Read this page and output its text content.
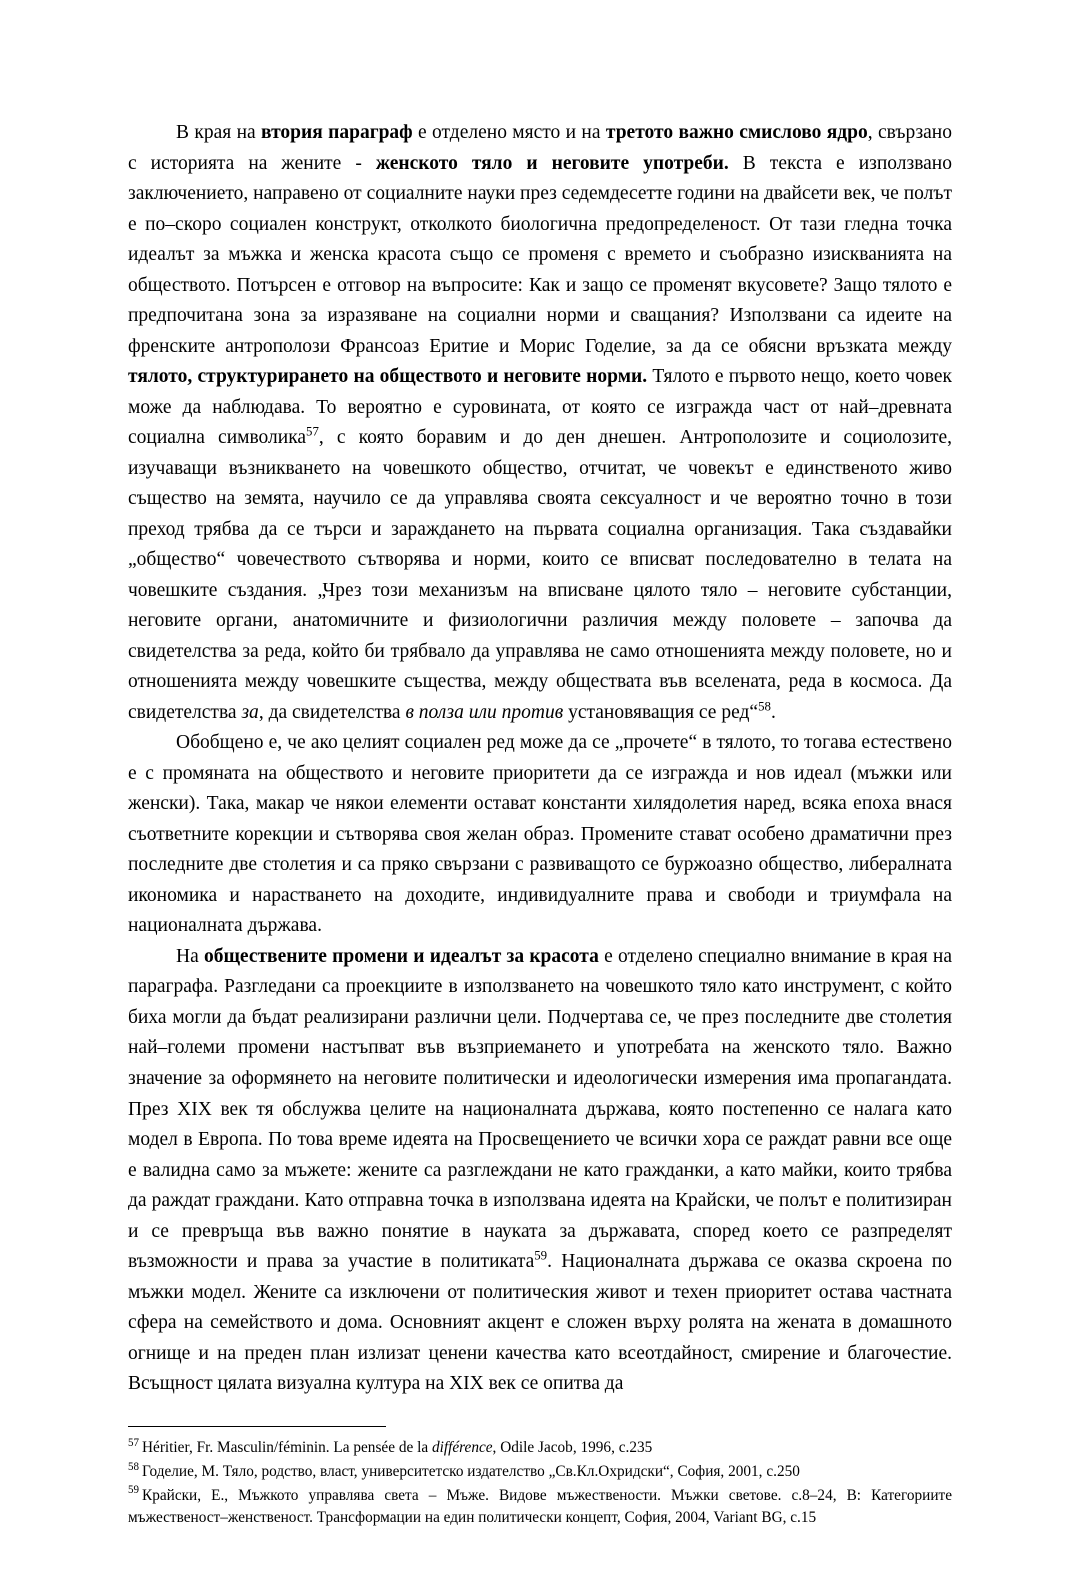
В края на втория параграф е отделено място и на третото важно смислово ядро, свързано с историята на жените - женското тяло и неговите употреби. В текста е използвано заключението, направено от социалните науки през седемдесетте години на двайсети век, че полът е по–скоро социален конструкт, отколкото биологична предопределеност. От тази гледна точка идеалът за мъжка и женска красота също се променя с времето и съобразно изискванията на обществото. Потърсен е отговор на въпросите: Как и защо се променят вкусовете? Защо тялото е предпочитана зона за изразяване на социални норми и сващания? Използвани са идеите на френските антрополози Франсоаз Еритие и Морис Годелие, за да се обясни връзката между тялото, структурирането на обществото и неговите норми. Тялото е първото нещо, което човек може да наблюдава. То вероятно е суровината, от която се изгражда част от най–древната социална символика$^{57}$, с която боравим и до ден днешен. Антрополозите и социолозите, изучаващи възникването на човешкото общество, отчитат, че човекът е единственото живо същество на земята, научило се да управлява своята сексуалност и че вероятно точно в този преход трябва да се търси и зараждането на първата социална организация. Така създавайки „общество“ човечеството сътворява и норми, които се вписват последователно в телата на човешките създания. „Чрез този механизъм на вписване цялото тяло – неговите субстанции, неговите органи, анатомичните и физиологични различия между половете – започва да свидетелства за реда, който би трябвало да управлява не само отношенията между половете, но и отношенията между човешките същества, между обществата във вселената, реда в космоса. Да свидетелства за, да свидетелства в полза или против установяващия се ред“$^{58}$.

Обобщено е, че ако целият социален ред може да се „прочете“ в тялото, то тогава естествено е с промяната на обществото и неговите приоритети да се изгражда и нов идеал (мъжки или женски). Така, макар че някои елементи остават константи хилядолетия наред, всяка епоха внася съответните корекции и сътворява своя желан образ. Промените стават особено драматични през последните две столетия и са пряко свързани с развиващото се буржоазно общество, либералната икономика и нарастването на доходите, индивидуалните права и свободи и триумфала на националната държава.

На обществените промени и идеалът за красота е отделено специално внимание в края на параграфа. Разгледани са проекциите в използването на човешкото тяло като инструмент, с който биха могли да бъдат реализирани различни цели. Подчертава се, че през последните две столетия най–големи промени настъпват във възприемането и употребата на женското тяло. Важно значение за оформянето на неговите политически и идеологически измерения има пропагандата. През XIX век тя обслужва целите на националната държава, която постепенно се налага като модел в Европа. По това време идеята на Просвещението че всички хора се раждат равни все още е валидна само за мъжете: жените са разглеждани не като гражданки, а като майки, които трябва да раждат граждани. Като отправна точка в използвана идеята на Крайски, че полът е политизиран и се превръща във важно понятие в науката за държавата, според което се разпределят възможности и права за участие в политиката$^{59}$. Националната държава се оказва скроена по мъжки модел. Жените са изключени от политическия живот и техен приоритет остава частната сфера на семейството и дома. Основният акцент е сложен върху ролята на жената в домашното огнище и на преден план излизат ценени качества като всеотдайност, смирение и благочестие. Всъщност цялата визуална култура на XIX век се опитва да

$^{57}$ Héritier, Fr. Masculin/féminin. La pensée de la différence, Odile Jacob, 1996, с.235

$^{58}$ Годелие, М. Тяло, родство, власт, университетско издателство „Св.Кл.Охридски“, София, 2001, с.250

$^{59}$ Крайски, Е., Мъжкото управлява света – Мъже. Видове мъжествености. Мъжки световe. с.8–24, В: Категориите мъжественост–женственост. Трансформации на един политически концепт, София, 2004, Variant BG, с.15
